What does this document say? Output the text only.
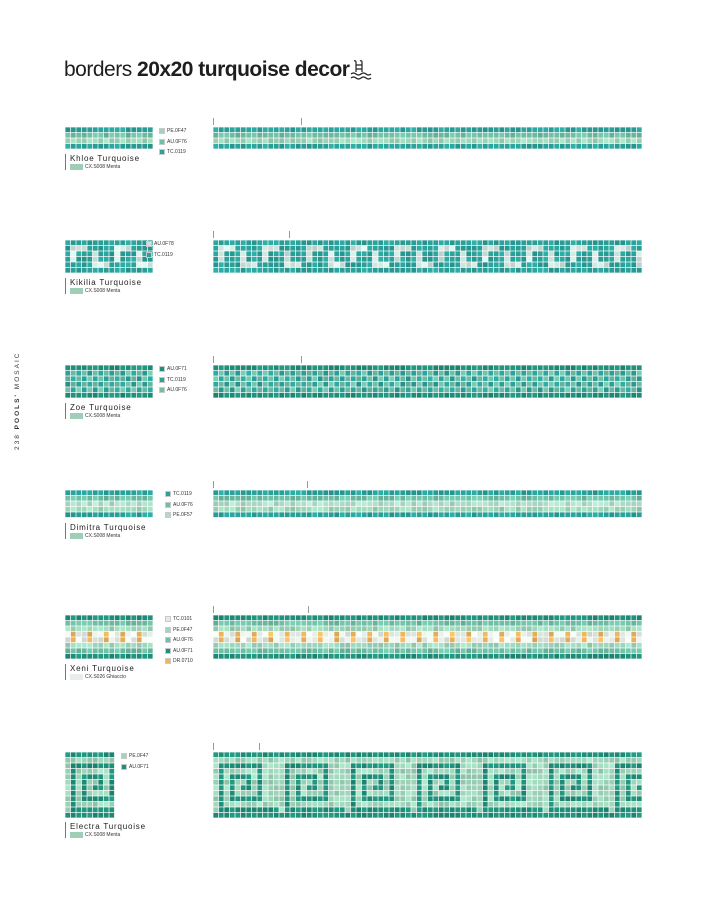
borders 20x20 turquoise decor
238 POOLS' MOSAIC
PE.0F47
AU.0F76
TC.0119
Khloe Turquoise
CX.S008 Menta
AU.0F78
TC.0119
Kikilia Turquoise
CX.S008 Menta
AU.0F71
TC.0119
AU.0F76
Zoe Turquoise
CX.S008 Menta
TC.0119
AU.0F76
PE.0F57
Dimitra Turquoise
CX.S008 Menta
TC.0101
PE.0F47
AU.0F76
AU.0F71
DR.0710
Xeni Turquoise
CX.S026 Ghiaccio
PE.0F47
AU.0F71
Electra Turquoise
CX.S008 Menta
